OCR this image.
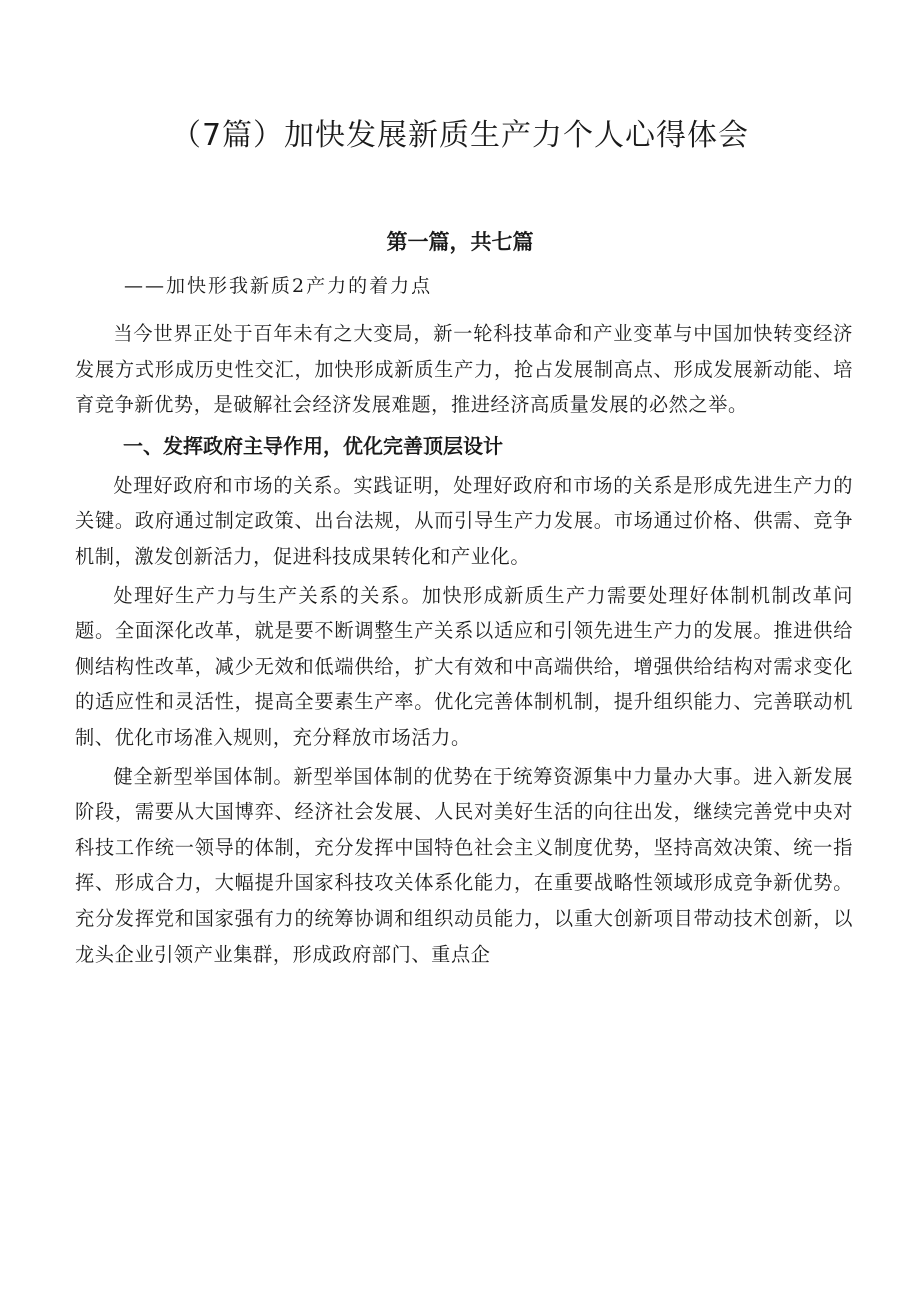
（7篇）加快发展新质生产力个人心得体会
第一篇，共七篇

——加快形我新质2产力的着力点

当今世界正处于百年未有之大变局，新一轮科技革命和产业变革与中国加快转变经济发展方式形成历史性交汇，加快形成新质生产力，抢占发展制高点、形成发展新动能、培育竞争新优势，是破解社会经济发展难题，推进经济高质量发展的必然之举。

一、发挥政府主导作用，优化完善顶层设计

处理好政府和市场的关系。实践证明，处理好政府和市场的关系是形成先进生产力的关键。政府通过制定政策、出台法规，从而引导生产力发展。市场通过价格、供需、竞争机制，激发创新活力，促进科技成果转化和产业化。

处理好生产力与生产关系的关系。加快形成新质生产力需要处理好体制机制改革问题。全面深化改革，就是要不断调整生产关系以适应和引领先进生产力的发展。推进供给侧结构性改革，减少无效和低端供给，扩大有效和中高端供给，增强供给结构对需求变化的适应性和灵活性，提高全要素生产率。优化完善体制机制，提升组织能力、完善联动机制、优化市场准入规则，充分释放市场活力。

健全新型举国体制。新型举国体制的优势在于统筹资源集中力量办大事。进入新发展阶段，需要从大国博弈、经济社会发展、人民对美好生活的向往出发，继续完善党中央对科技工作统一领导的体制，充分发挥中国特色社会主义制度优势，坚持高效决策、统一指挥、形成合力，大幅提升国家科技攻关体系化能力，在重要战略性领域形成竞争新优势。充分发挥党和国家强有力的统筹协调和组织动员能力，以重大创新项目带动技术创新，以龙头企业引领产业集群，形成政府部门、重点企
